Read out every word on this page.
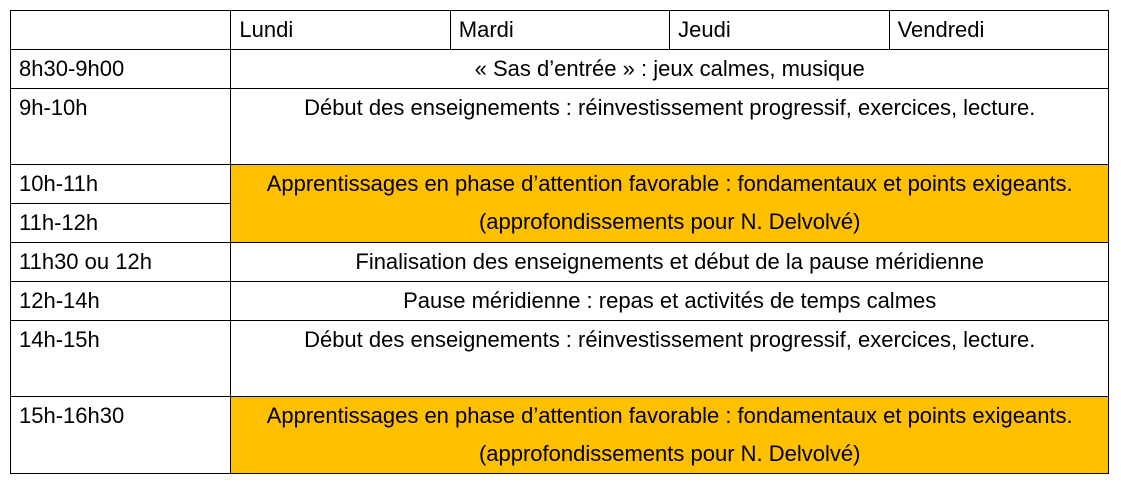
	Lundi	Mardi	Jeudi	Vendredi
8h30-9h00	« Sas d’entrée » : jeux calmes, musique			
9h-10h	Début des enseignements : réinvestissement progressif, exercices, lecture.			
10h-11h	Apprentissages en phase d’attention favorable : fondamentaux et points exigeants. (approfondissements pour N. Delvolvé)			
11h-12h				
11h30 ou 12h	Finalisation des enseignements et début de la pause méridienne			
12h-14h	Pause méridienne : repas et activités de temps calmes			
14h-15h	Début des enseignements : réinvestissement progressif, exercices, lecture.			
15h-16h30	Apprentissages en phase d’attention favorable : fondamentaux et points exigeants. (approfondissements pour N. Delvolvé)			
